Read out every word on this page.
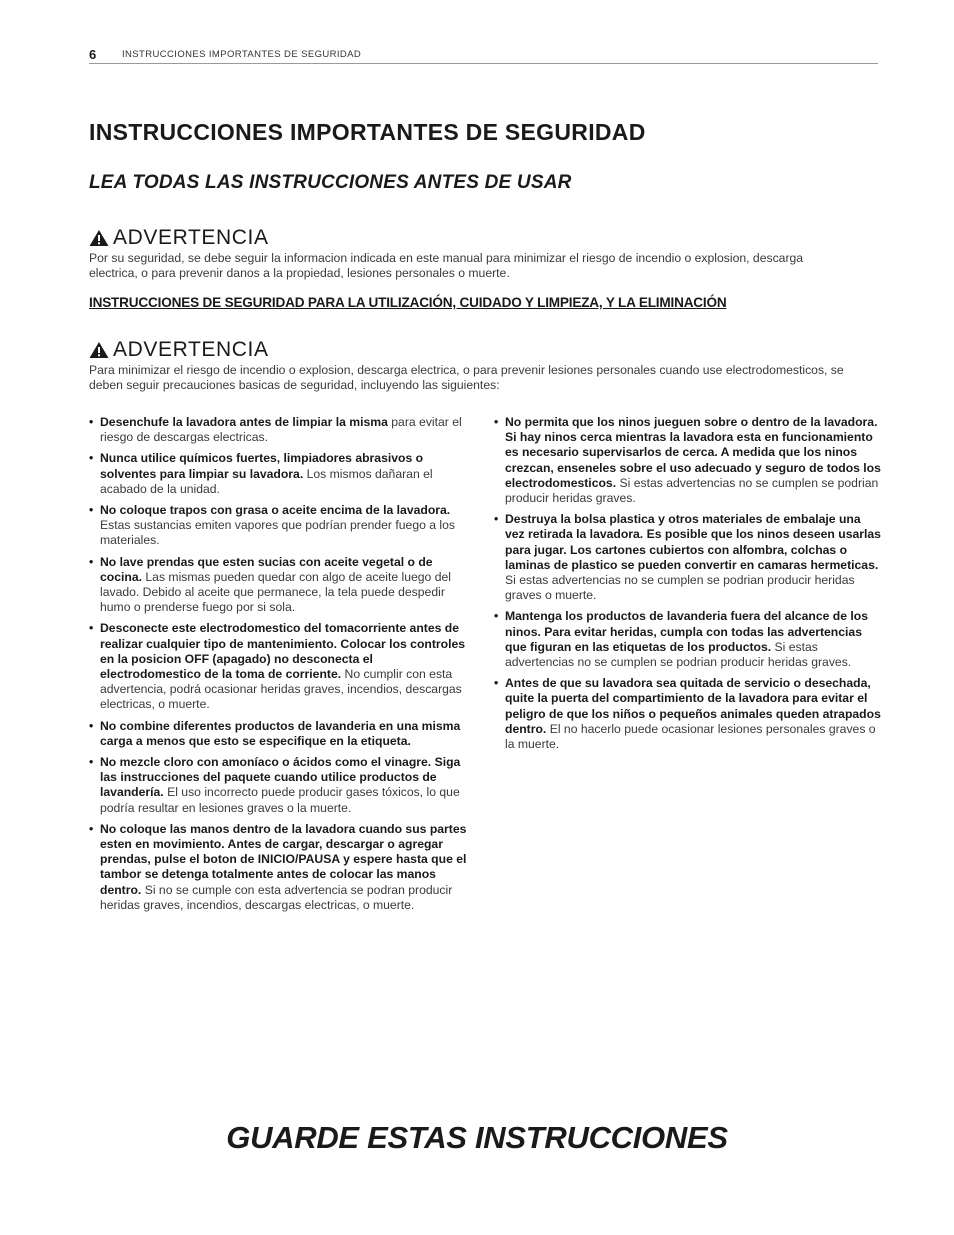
6	INSTRUCCIONES IMPORTANTES DE SEGURIDAD
INSTRUCCIONES IMPORTANTES DE SEGURIDAD
LEA TODAS LAS INSTRUCCIONES ANTES DE USAR
ADVERTENCIA
Por su seguridad, se debe seguir la informacion indicada en este manual para minimizar el riesgo de incendio o explosion, descarga electrica, o para prevenir danos a la propiedad, lesiones personales o muerte.

INSTRUCCIONES DE SEGURIDAD PARA LA UTILIZACIÓN, CUIDADO Y LIMPIEZA, Y LA ELIMINACIÓN

ADVERTENCIA
Para minimizar el riesgo de incendio o explosion, descarga electrica, o para prevenir lesiones personales cuando use electrodomesticos, se deben seguir precauciones basicas de seguridad, incluyendo las siguientes:
• Desenchufe la lavadora antes de limpiar la misma para evitar el riesgo de descargas electricas.
• Nunca utilice químicos fuertes, limpiadores abrasivos o solventes para limpiar su lavadora. Los mismos dañaran el acabado de la unidad.
• No coloque trapos con grasa o aceite encima de la lavadora. Estas sustancias emiten vapores que podrían prender fuego a los materiales.
• No lave prendas que esten sucias con aceite vegetal o de cocina. Las mismas pueden quedar con algo de aceite luego del lavado. Debido al aceite que permanece, la tela puede despedir humo o prenderse fuego por si sola.
• Desconecte este electrodomestico del tomacorriente antes de realizar cualquier tipo de mantenimiento. Colocar los controles en la posicion OFF (apagado) no desconecta el electrodomestico de la toma de corriente. No cumplir con esta advertencia, podrá ocasionar heridas graves, incendios, descargas electricas, o muerte.
• No combine diferentes productos de lavanderia en una misma carga a menos que esto se especifique en la etiqueta.
• No mezcle cloro con amoníaco o ácidos como el vinagre. Siga las instrucciones del paquete cuando utilice productos de lavandería. El uso incorrecto puede producir gases tóxicos, lo que podría resultar en lesiones graves o la muerte.
• No coloque las manos dentro de la lavadora cuando sus partes esten en movimiento. Antes de cargar, descargar o agregar prendas, pulse el boton de INICIO/PAUSA y espere hasta que el tambor se detenga totalmente antes de colocar las manos dentro. Si no se cumple con esta advertencia se podran producir heridas graves, incendios, descargas electricas, o muerte.
• No permita que los ninos jueguen sobre o dentro de la lavadora. Si hay ninos cerca mientras la lavadora esta en funcionamiento es necesario supervisarlos de cerca. A medida que los ninos crezcan, enseneles sobre el uso adecuado y seguro de todos los electrodomesticos. Si estas advertencias no se cumplen se podrian producir heridas graves.
• Destruya la bolsa plastica y otros materiales de embalaje una vez retirada la lavadora. Es posible que los ninos deseen usarlas para jugar. Los cartones cubiertos con alfombra, colchas o laminas de plastico se pueden convertir en camaras hermeticas. Si estas advertencias no se cumplen se podrian producir heridas graves o muerte.
• Mantenga los productos de lavanderia fuera del alcance de los ninos. Para evitar heridas, cumpla con todas las advertencias que figuran en las etiquetas de los productos. Si estas advertencias no se cumplen se podrian producir heridas graves.
• Antes de que su lavadora sea quitada de servicio o desechada, quite la puerta del compartimiento de la lavadora para evitar el peligro de que los niños o pequeños animales queden atrapados dentro. El no hacerlo puede ocasionar lesiones personales graves o la muerte.

GUARDE ESTAS INSTRUCCIONES
